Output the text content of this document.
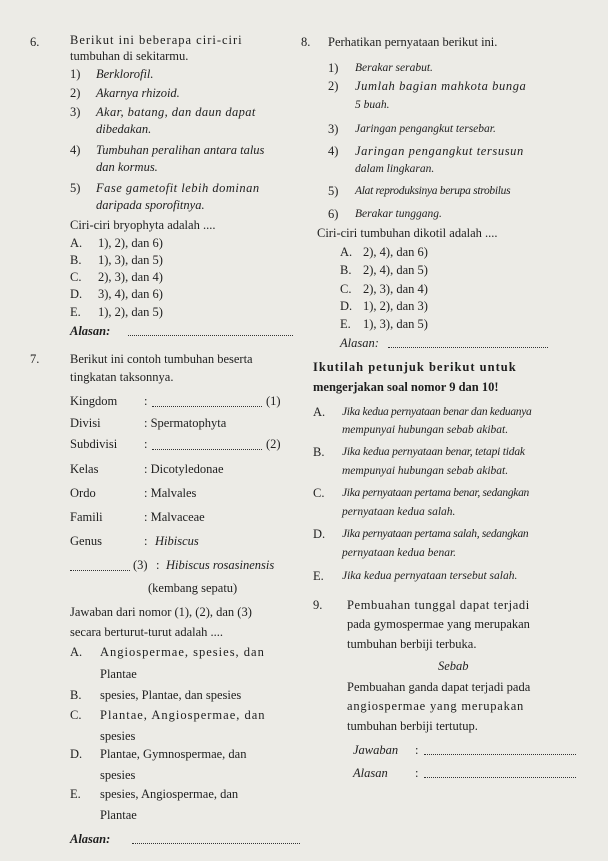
6. Berikut ini beberapa ciri-ciri
tumbuhan di sekitarmu.
1) Berklorofil.
2) Akarnya rhizoid.
3) Akar, batang, dan daun dapat
dibedakan.
4) Tumbuhan peralihan antara talus
dan kormus.
5) Fase gametofit lebih dominan
daripada sporofitnya.
Ciri-ciri bryophyta adalah ....
A. 1), 2), dan 6)
B. 1), 3), dan 5)
C. 2), 3), dan 4)
D. 3), 4), dan 6)
E. 1), 2), dan 5)
Alasan:
7. Berikut ini contoh tumbuhan beserta
tingkatan taksonnya.
Kingdom :	(1)
Divisi	: Spermatophyta
Subdivisi :	(2)
Kelas	: Dicotyledonae
Ordo	: Malvales
Famili	: Malvaceae
Genus	: Hibiscus
(3) : Hibiscus rosasinensis
(kembang sepatu)
Jawaban dari nomor (1), (2), dan (3)
secara berturut-turut adalah ....
A. Angiospermae, spesies, dan
Plantae
B. spesies, Plantae, dan spesies
C. Plantae, Angiospermae, dan
spesies
D. Plantae, Gymnospermae, dan
spesies
E. spesies, Angiospermae, dan
Plantae
Alasan:
8. Perhatikan pernyataan berikut ini.
1) Berakar serabut.
2) Jumlah bagian mahkota bunga
5 buah.
3) Jaringan pengangkut tersebar.
4) Jaringan pengangkut tersusun
dalam lingkaran.
5) Alat reproduksinya berupa strobilus
6) Berakar tunggang.
Ciri-ciri tumbuhan dikotil adalah ....
A. 2), 4), dan 6)
B. 2), 4), dan 5)
C. 2), 3), dan 4)
D. 1), 2), dan 3)
E. 1), 3), dan 5)
Alasan:
Ikutilah petunjuk berikut untuk
mengerjakan soal nomor 9 dan 10!
A. Jika kedua pernyataan benar dan keduanya
mempunyai hubungan sebab akibat.
B. Jika kedua pernyataan benar, tetapi tidak
mempunyai hubungan sebab akibat.
C. Jika pernyataan pertama benar, sedangkan
pernyataan kedua salah.
D. Jika pernyataan pertama salah, sedangkan
pernyataan kedua benar.
E. Jika kedua pernyataan tersebut salah.
9. Pembuahan tunggal dapat terjadi
pada gymospermae yang merupakan
tumbuhan berbiji terbuka.
Sebab
Pembuahan ganda dapat terjadi pada
angiospermae yang merupakan
tumbuhan berbiji tertutup.
Jawaban :
Alasan :
